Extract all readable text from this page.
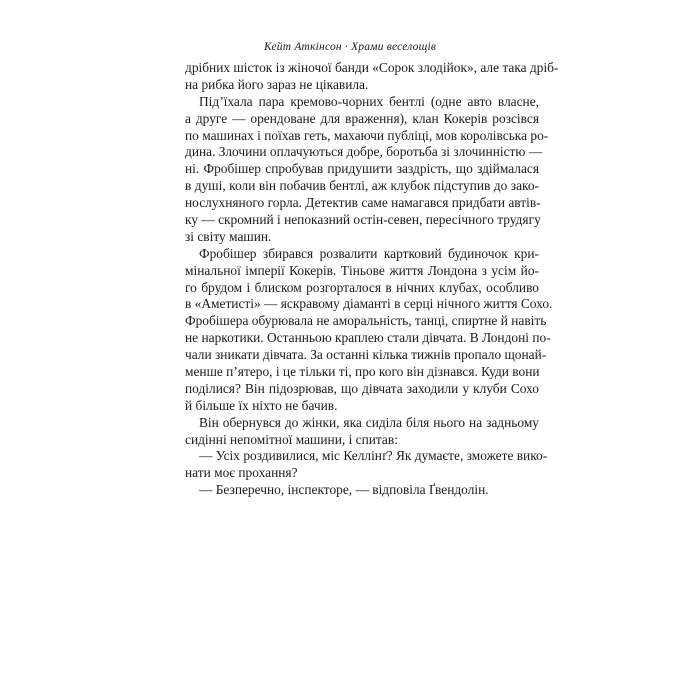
Кейт Аткінсон · Храми веселощів
дрібних шісток із жіночої банди «Сорок злодійок», але така дріб-
на рибка його зараз не цікавила.
Під’їхала пара кремово-чорних бентлі (одне авто власне,
а друге — орендоване для враження), клан Кокерів розсівся
по машинах і поїхав геть, махаючи публіці, мов королівська ро-
дина. Злочини оплачуються добре, боротьба зі злочинністю —
ні. Фробішер спробував придушити заздрість, що здіймалася
в душі, коли він побачив бентлі, аж клубок підступив до зако-
нослухняного горла. Детектив саме намагався придбати автів-
ку — скромний і непоказний остін-севен, пересічного трудягу
зі світу машин.
Фробішер збирався розвалити картковий будиночок кри-
мінальної імперії Кокерів. Тіньове життя Лондона з усім йо-
го брудом і блиском розгорталося в нічних клубах, особливо
в «Аметисті» — яскравому діаманті в серці нічного життя Сохо.
Фробішера обурювала не аморальність, танці, спиртне й навіть
не наркотики. Останньою краплею стали дівчата. В Лондоні по-
чали зникати дівчата. За останні кілька тижнів пропало щонай-
менше п’ятеро, і це тільки ті, про кого він дізнався. Куди вони
поділися? Він підозрював, що дівчата заходили у клуби Сохо
й більше їх ніхто не бачив.
Він обернувся до жінки, яка сиділа біля нього на задньому
сидінні непомітної машини, і спитав:
— Усіх роздивилися, міс Келлінґ? Як думаєте, зможете вико-
нати моє прохання?
— Безперечно, інспекторе, — відповіла Ґвендолін.
